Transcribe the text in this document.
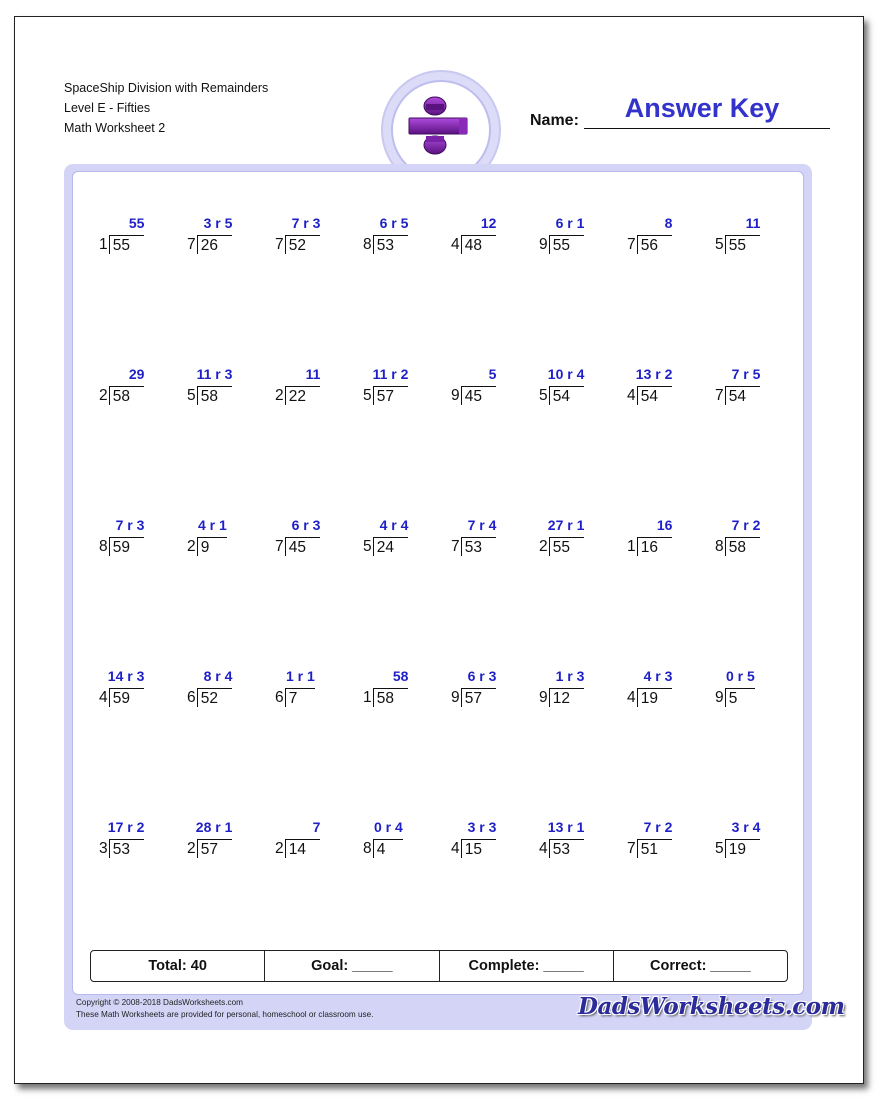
SpaceShip Division with Remainders
Level E - Fifties
Math Worksheet 2	Name:	Answer Key
Total: 40	Goal: _____	Complete: _____	Correct: _____
Copyright © 2008-2018 DadsWorksheets.com
These Math Worksheets are provided for personal, homeschool or classroom use.	DadsWorksheets.com
1 55
55
7 26
3 r 5
7 52
7 r 3
8 53
6 r 5
4 48
12
9 55
6 r 1
7 56
8
5 55
11
2 58
29
5 58
11 r 3
2 22
11
5 57
11 r 2
9 45
5
5 54
10 r 4
4 54
13 r 2
7 54
7 r 5
8 59
7 r 3
2 9
4 r 1
7 45
6 r 3
5 24
4 r 4
7 53
7 r 4
2 55
27 r 1
1 16
16
8 58
7 r 2
4 59
14 r 3
6 52
8 r 4
6 7
1 r 1
1 58
58
9 57
6 r 3
9 12
1 r 3
4 19
4 r 3
9 5
0 r 5
3 53
17 r 2
2 57
28 r 1
2 14
7
8 4
0 r 4
4 15
3 r 3
4 53
13 r 1
7 51
7 r 2
5 19
3 r 4
